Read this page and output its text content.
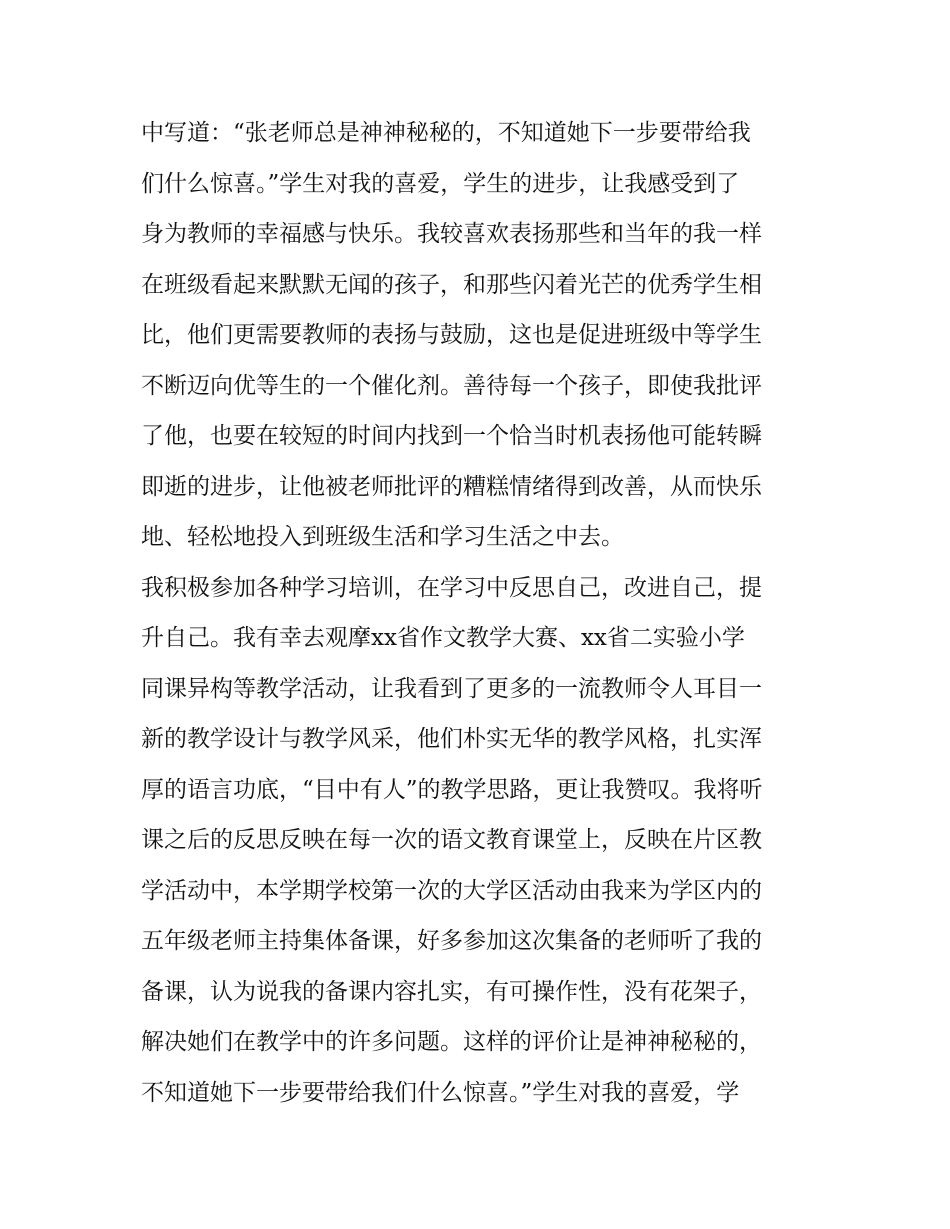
中写道：“张老师总是神神秘秘的，不知道她下一步要带给我
们什么惊喜。”学生对我的喜爱，学生的进步，让我感受到了
身为教师的幸福感与快乐。我较喜欢表扬那些和当年的我一样
在班级看起来默默无闻的孩子，和那些闪着光芒的优秀学生相
比，他们更需要教师的表扬与鼓励，这也是促进班级中等学生
不断迈向优等生的一个催化剂。善待每一个孩子，即使我批评
了他，也要在较短的时间内找到一个恰当时机表扬他可能转瞬
即逝的进步，让他被老师批评的糟糕情绪得到改善，从而快乐
地、轻松地投入到班级生活和学习生活之中去。
我积极参加各种学习培训，在学习中反思自己，改进自己，提
升自己。我有幸去观摩xx省作文教学大赛、xx省二实验小学
同课异构等教学活动，让我看到了更多的一流教师令人耳目一
新的教学设计与教学风采，他们朴实无华的教学风格，扎实浑
厚的语言功底，“目中有人”的教学思路，更让我赞叹。我将听
课之后的反思反映在每一次的语文教育课堂上，反映在片区教
学活动中，本学期学校第一次的大学区活动由我来为学区内的
五年级老师主持集体备课，好多参加这次集备的老师听了我的
备课，认为说我的备课内容扎实，有可操作性，没有花架子，
解决她们在教学中的许多问题。这样的评价让是神神秘秘的，
不知道她下一步要带给我们什么惊喜。”学生对我的喜爱，学
